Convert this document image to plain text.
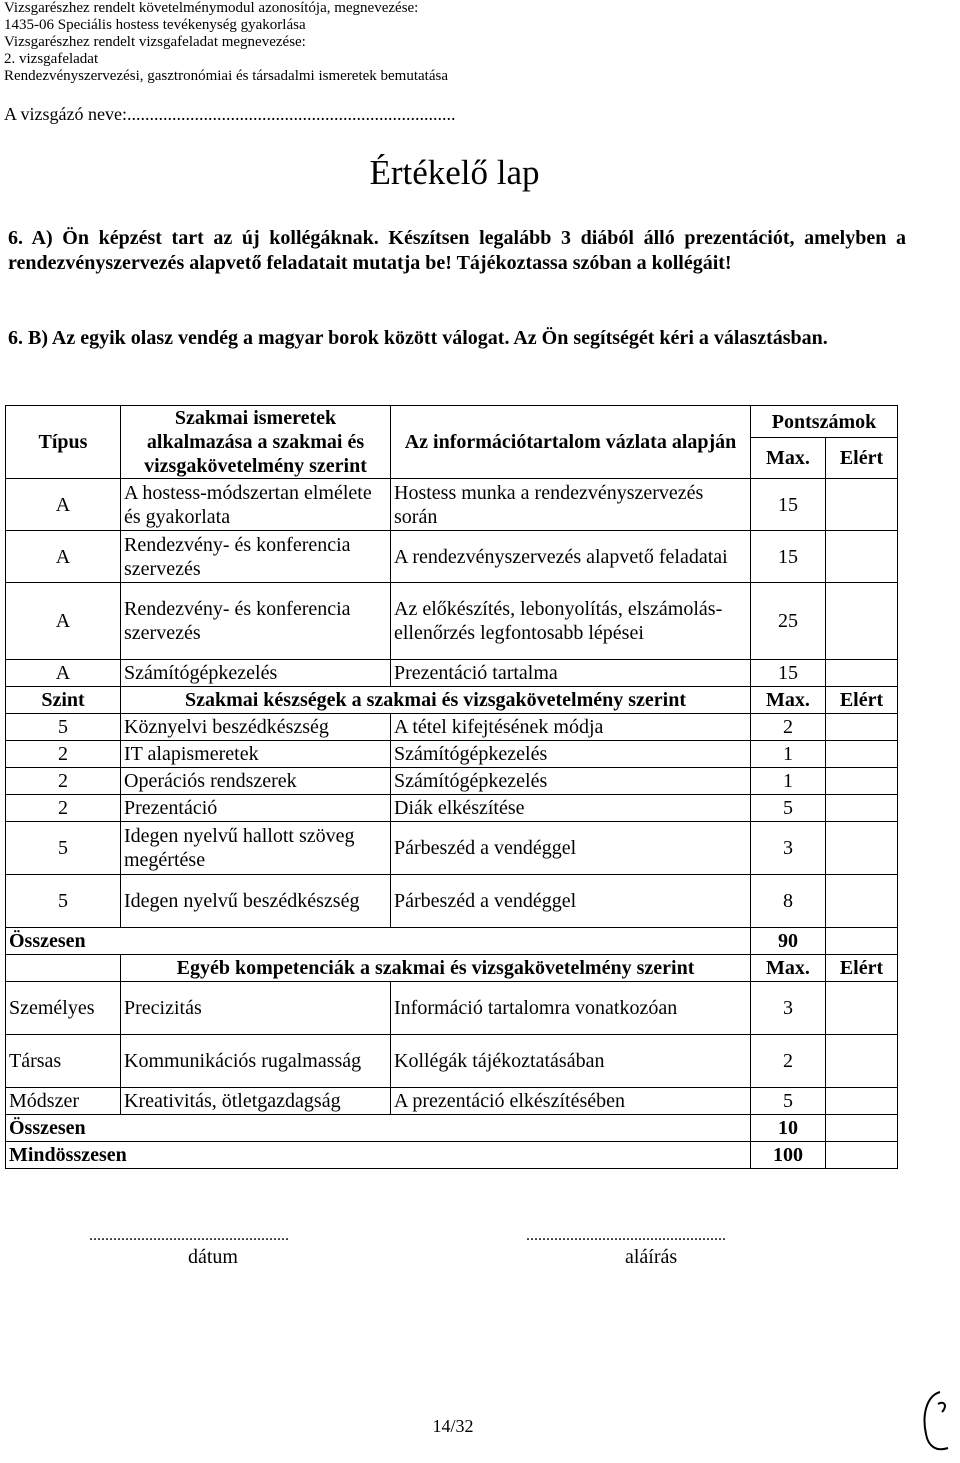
Vizsgarészhez rendelt követelménymodul azonosítója, megnevezése:
1435-06 Speciális hostess tevékenység gyakorlása
Vizsgarészhez rendelt vizsgafeladat megnevezése:
2. vizsgafeladat
Rendezvényszervezési, gasztronómiai és társadalmi ismeretek bemutatása
A vizsgázó neve:.........................................................................
Értékelő lap
6. A) Ön képzést tart az új kollégáknak. Készítsen legalább 3 diából álló prezentációt, amelyben a rendezvényszervezés alapvető feladatait mutatja be! Tájékoztassa szóban a kollégáit!
6. B) Az egyik olasz vendég a magyar borok között válogat. Az Ön segítségét kéri a választásban.
Típus	Szakmai ismeretek alkalmazása a szakmai és vizsgakövetelmény szerint	Az információtartalom vázlata alapján	Pontszámok	
			Max.	Elért
A	A hostess-módszertan elmélete és gyakorlata	Hostess munka a rendezvényszervezés során	15	
A	Rendezvény- és konferencia szervezés	A rendezvényszervezés alapvető feladatai	15	
A	Rendezvény- és konferencia szervezés	Az előkészítés, lebonyolítás, elszámolás-ellenőrzés legfontosabb lépései	25	
A	Számítógépkezelés	Prezentáció tartalma	15	
Szint	Szakmai készségek a szakmai és vizsgakövetelmény szerint		Max.	Elért
5	Köznyelvi beszédkészség	A tétel kifejtésének módja	2	
2	IT alapismeretek	Számítógépkezelés	1	
2	Operációs rendszerek	Számítógépkezelés	1	
2	Prezentáció	Diák elkészítése	5	
5	Idegen nyelvű hallott szöveg megértése	Párbeszéd a vendéggel	3	
5	Idegen nyelvű beszédkészség	Párbeszéd a vendéggel	8	
Összesen			90	
	Egyéb kompetenciák a szakmai és vizsgakövetelmény szerint		Max.	Elért
Személyes	Precizitás	Információ tartalomra vonatkozóan	3	
Társas	Kommunikációs rugalmasság	Kollégák tájékoztatásában	2	
Módszer	Kreativitás, ötletgazdagság	A prezentáció elkészítésében	5	
Összesen			10	
Mindösszesen			100	
..................................................
dátum
..................................................
aláírás
14/32
